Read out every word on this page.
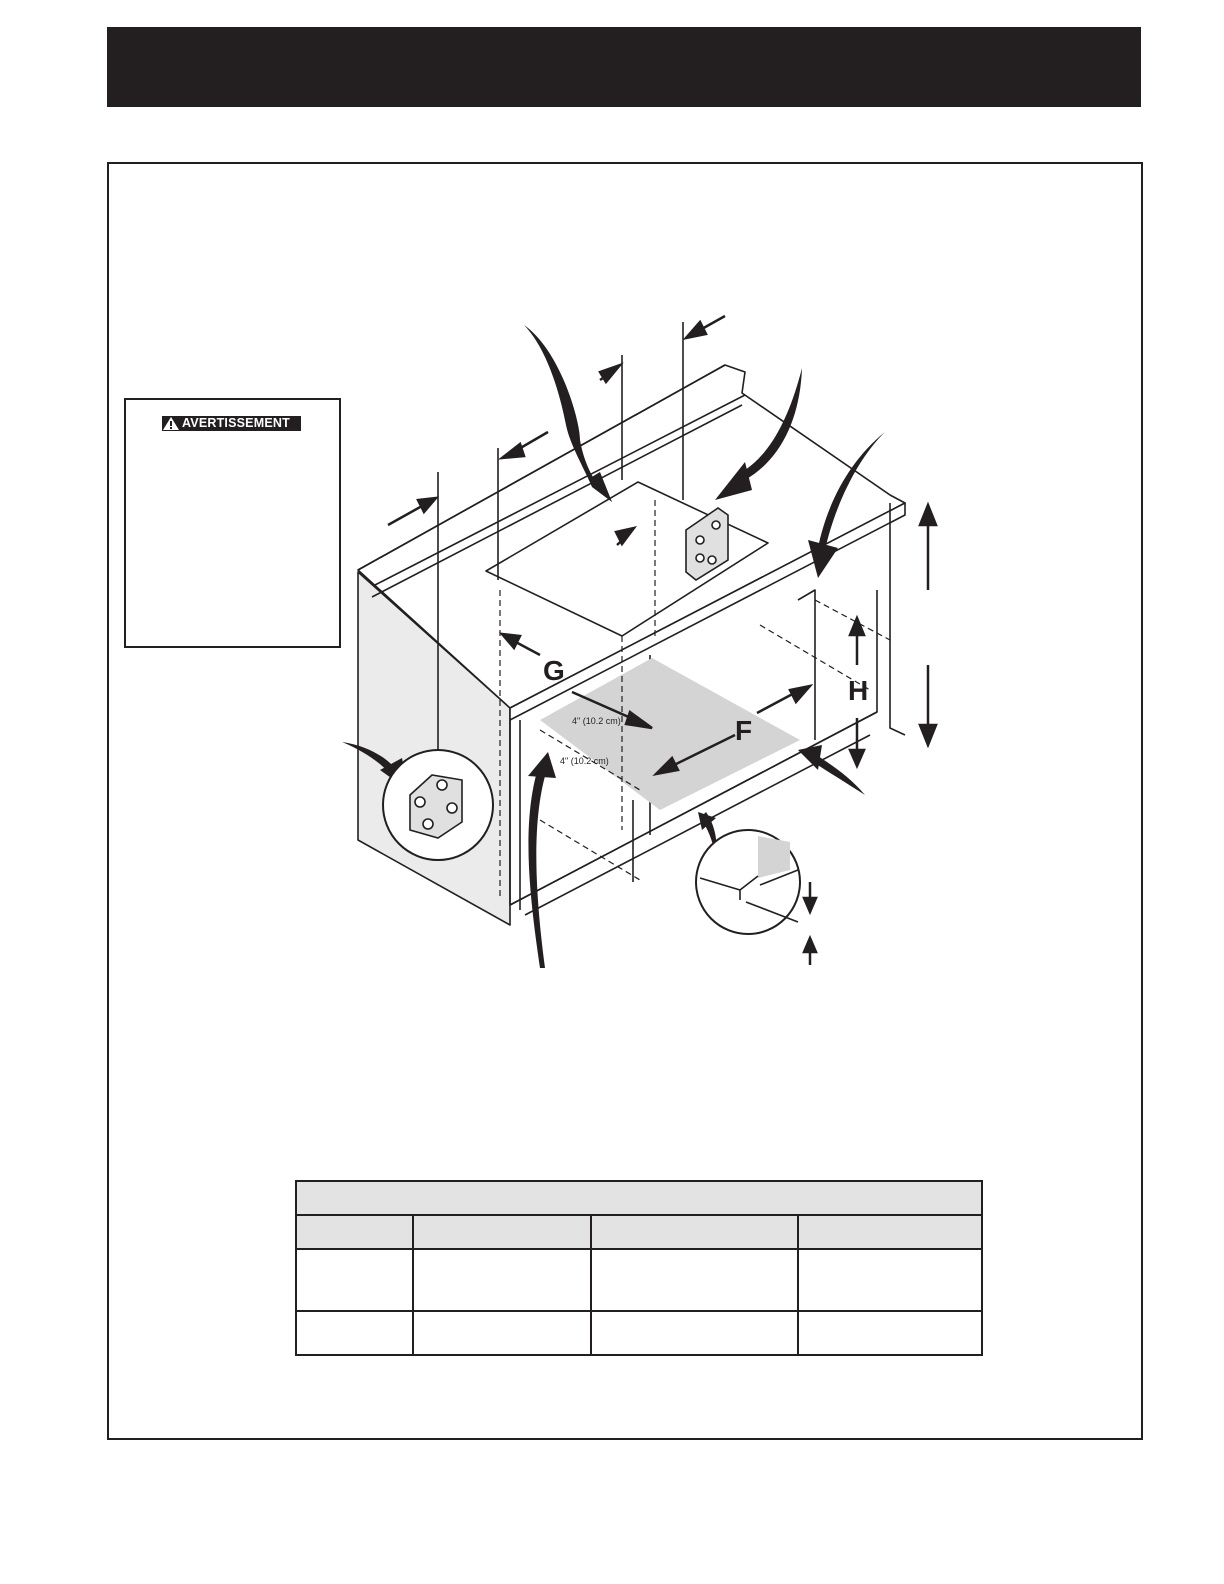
G
F
H
4" (10.2 cm)
4" (10.2 cm)
AVERTISSEMENT
